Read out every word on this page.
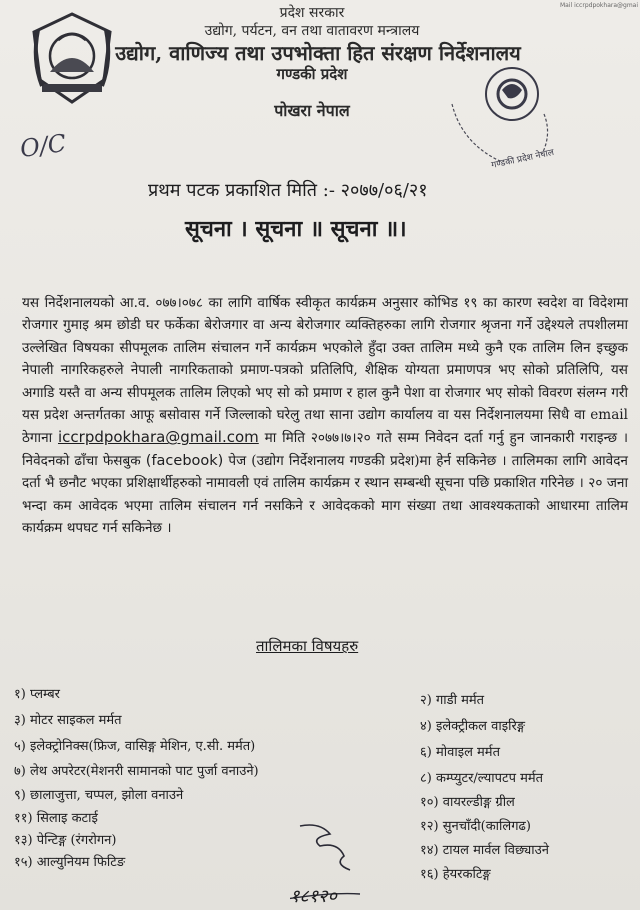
Mail iccrpdpokhara@gmai
प्रदेश सरकार
उद्योग, पर्यटन, वन तथा वातावरण मन्त्रालय
उद्योग, वाणिज्य तथा उपभोक्ता हित संरक्षण निर्देशनालय
गण्डकी प्रदेश
पोखरा नेपाल
गण्डकी प्रदेश नेपाल
O/C
प्रथम पटक प्रकाशित मिति :- २०७७/०६/२१
सूचना । सूचना ॥ सूचना ॥।
यस निर्देशनालयको आ.व. ०७७।०७८ का लागि वार्षिक स्वीकृत कार्यक्रम अनुसार कोभिड १९ का कारण स्वदेश वा विदेशमा रोजगार गुमाइ श्रम छोडी घर फर्केका बेरोजगार वा अन्य बेरोजगार व्यक्तिहरुका लागि रोजगार श्रृजना गर्ने उद्देश्यले तपशीलमा उल्लेखित विषयका सीपमूलक तालिम संचालन गर्ने कार्यक्रम भएकोले हुँदा उक्त तालिम मध्ये कुनै एक तालिम लिन इच्छुक नेपाली नागरिकहरुले नेपाली नागरिकताको प्रमाण-पत्रको प्रतिलिपि, शैक्षिक योग्यता प्रमाणपत्र भए सोको प्रतिलिपि, यस अगाडि यस्तै वा अन्य सीपमूलक तालिम लिएको भए सो को प्रमाण र हाल कुनै पेशा वा रोजगार भए सोको विवरण संलग्न गरी यस प्रदेश अन्तर्गतका आफू बसोवास गर्ने जिल्लाको घरेलु तथा साना उद्योग कार्यालय वा यस निर्देशनालयमा सिधै वा email ठेगाना iccrpdpokhara@gmail.com मा मिति २०७७।७।२० गते सम्म निवेदन दर्ता गर्नु हुन जानकारी गराइन्छ । निवेदनको ढाँचा फेसबुक (facebook) पेज (उद्योग निर्देशनालय गण्डकी प्रदेश)मा हेर्न सकिनेछ । तालिमका लागि आवेदन दर्ता भै छनौट भएका प्रशिक्षार्थीहरुको नामावली एवं तालिम कार्यक्रम र स्थान सम्बन्धी सूचना पछि प्रकाशित गरिनेछ । २० जना भन्दा कम आवेदक भएमा तालिम संचालन गर्न नसकिने र आवेदकको माग संख्या तथा आवश्यकताको आधारमा तालिम कार्यक्रम थपघट गर्न सकिनेछ ।
तालिमका विषयहरु
१) प्लम्बर
३) मोटर साइकल मर्मत
५) इलेक्ट्रोनिक्स(फ्रिज, वासिङ्ग मेशिन, ए.सी. मर्मत)
७) लेथ अपरेटर(मेशनरी सामानको पाट पुर्जा वनाउने)
९) छालाजुत्ता, चप्पल, झोला वनाउने
११) सिलाइ कटाई
१३) पेन्टिङ्ग (रंगरोगन)
१५) आल्युनियम फिटिङ
२) गाडी मर्मत
४) इलेक्ट्रीकल वाइरिङ्ग
६) मोवाइल मर्मत
८) कम्प्युटर/ल्यापटप मर्मत
१०) वायरल्डीङ्ग ग्रील
१२) सुनचाँदी(कालिगढ)
१४) टायल मार्वल विछ्याउने
१६) हेयरकटिङ्ग
१८१२०
